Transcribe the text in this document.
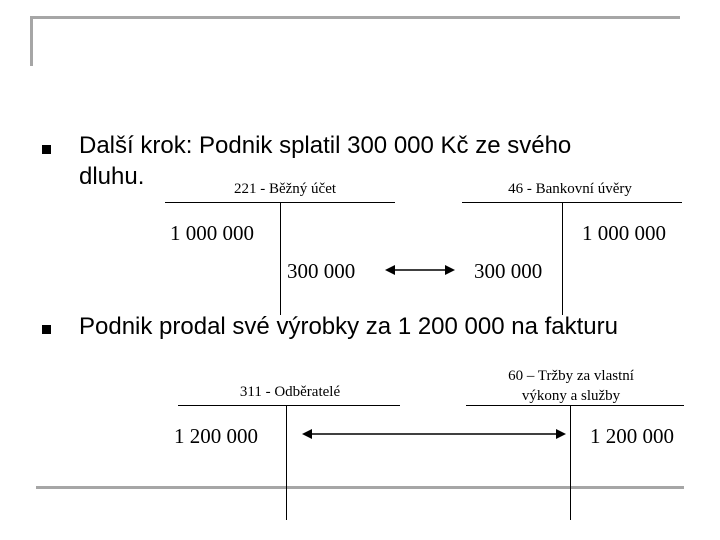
Další krok: Podnik splatil 300 000 Kč ze svého
dluhu.	221 - Běžný účet
1 000 000
300 000
46 - Bankovní úvěry
1 000 000
300 000
Podnik prodal své výrobky za 1 200 000 na fakturu
311 - Odběratelé
1 200 000
60 – Tržby za vlastní
výkony a služby
1 200 000
